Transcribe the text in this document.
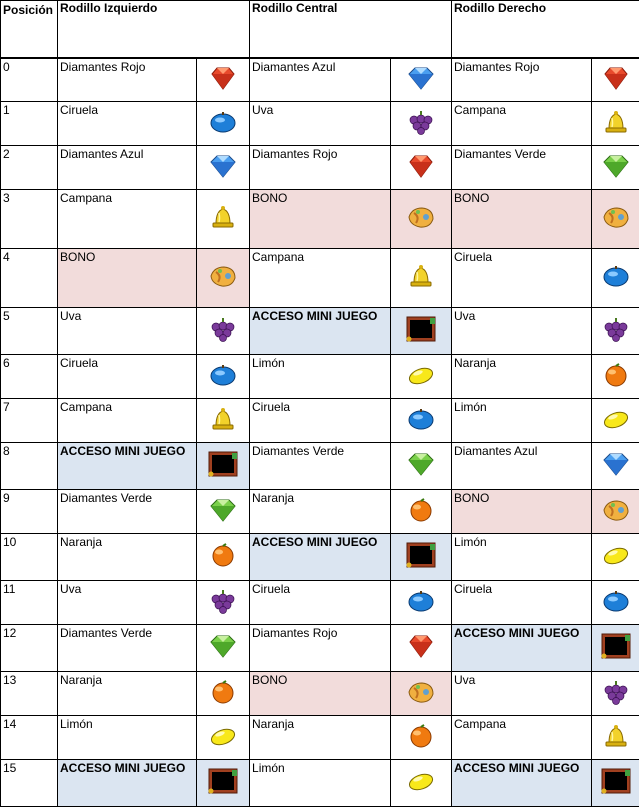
Posición	Rodillo Izquierdo		Rodillo Central		Rodillo Derecho	
0	Diamantes Rojo		Diamantes Azul		Diamantes Rojo	

1	Ciruela		Uva		Campana	

2	Diamantes Azul		Diamantes Rojo		Diamantes Verde	

3	Campana		BONO		BONO	

4	BONO		Campana		Ciruela	

5	Uva		ACCESO MINI JUEGO		Uva	

6	Ciruela		Limón		Naranja	

7	Campana		Ciruela		Limón	

8	ACCESO MINI JUEGO		Diamantes Verde		Diamantes Azul	

9	Diamantes Verde		Naranja		BONO	

10	Naranja		ACCESO MINI JUEGO		Limón	

11	Uva		Ciruela		Ciruela	

12	Diamantes Verde		Diamantes Rojo		ACCESO MINI JUEGO	

13	Naranja		BONO		Uva	

14	Limón		Naranja		Campana	

15	ACCESO MINI JUEGO		Limón		ACCESO MINI JUEGO	
